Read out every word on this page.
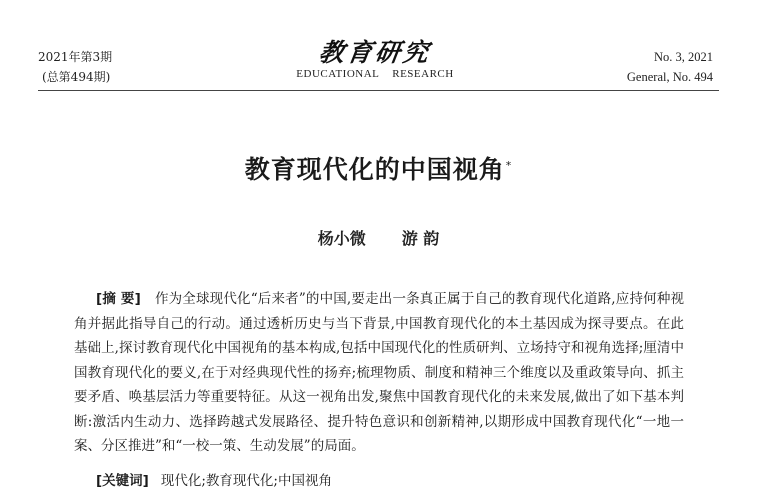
2021年第3期
(总第494期)
教育研究
EDUCATIONAL RESEARCH
No. 3, 2021
General, No. 494
教育现代化的中国视角*
杨小微 游 韵
[摘 要] 作为全球现代化“后来者”的中国,要走出一条真正属于自己的教育现代化道路,应持何种视角并据此指导自己的行动。通过透析历史与当下背景,中国教育现代化的本土基因成为探寻要点。在此基础上,探讨教育现代化中国视角的基本构成,包括中国现代化的性质研判、立场持守和视角选择;厘清中国教育现代化的要义,在于对经典现代性的扬弃;梳理物质、制度和精神三个维度以及重政策导向、抓主要矛盾、唤基层活力等重要特征。从这一视角出发,聚焦中国教育现代化的未来发展,做出了如下基本判断:激活内生动力、选择跨越式发展路径、提升特色意识和创新精神,以期形成中国教育现代化“一地一案、分区推进”和“一校一策、生动发展”的局面。
[关键词] 现代化;教育现代化;中国视角
